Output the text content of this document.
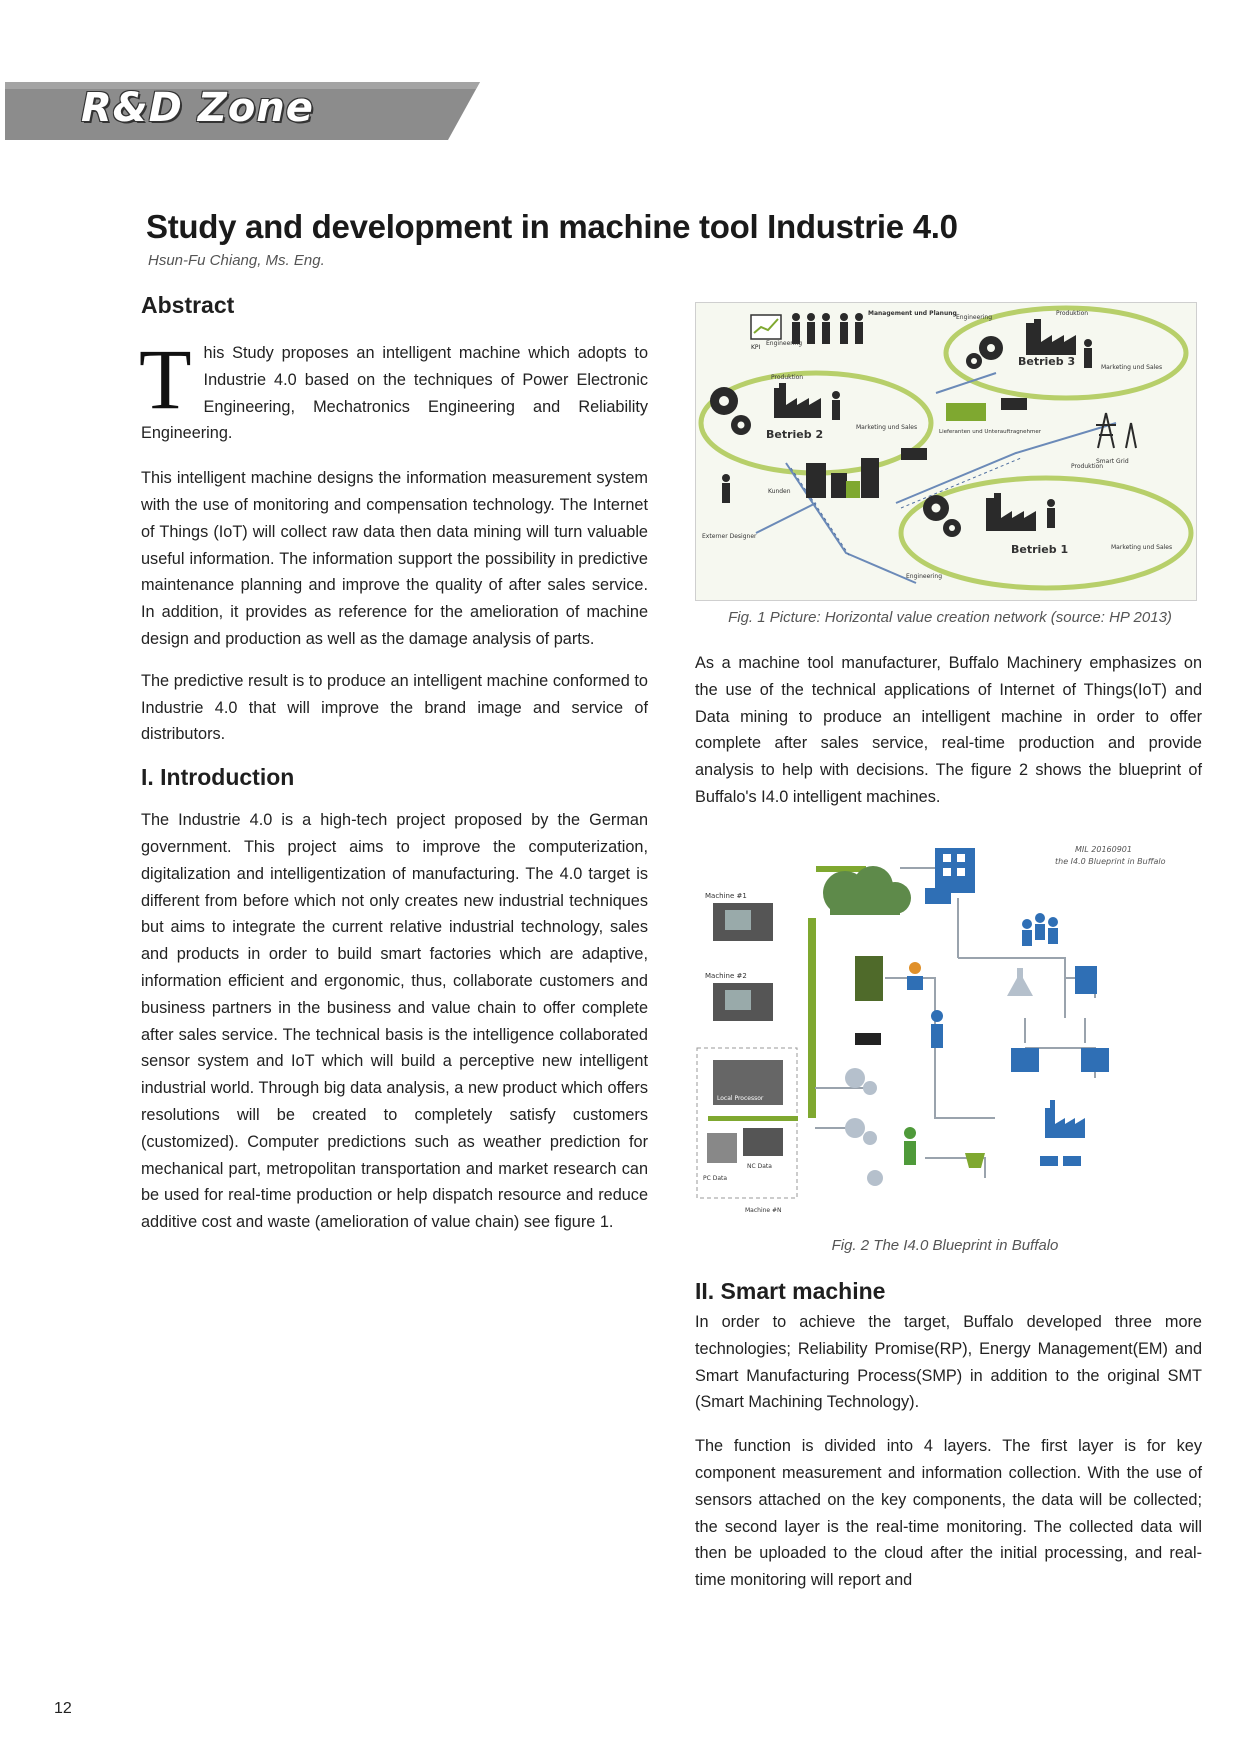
R&D Zone
Study and development in machine tool Industrie 4.0
Hsun-Fu Chiang, Ms. Eng.
Abstract

This Study proposes an intelligent machine which adopts to Industrie 4.0 based on the techniques of Power Electronic Engineering, Mechatronics Engineering and Reliability Engineering.

This intelligent machine designs the information measurement system with the use of monitoring and compensation technology. The Internet of Things (IoT) will collect raw data then data mining will turn valuable useful information. The information support the possibility in predictive maintenance planning and improve the quality of after sales service. In addition, it provides as reference for the amelioration of machine design and production as well as the damage analysis of parts.

The predictive result is to produce an intelligent machine conformed to Industrie 4.0 that will improve the brand image and service of distributors.

I. Introduction

The Industrie 4.0 is a high-tech project proposed by the German government. This project aims to improve the computerization, digitalization and intelligentization of manufacturing. The 4.0 target is different from before which not only creates new industrial techniques but aims to integrate the current relative industrial technology, sales and products in order to build smart factories which are adaptive, information efficient and ergonomic, thus, collaborate customers and business partners in the business and value chain to offer complete after sales service. The technical basis is the intelligence collaborated sensor system and IoT which will build a perceptive new intelligent industrial world. Through big data analysis, a new product which offers resolutions will be created to completely satisfy customers (customized). Computer predictions such as weather prediction for mechanical part, metropolitan transportation and market research can be used for real-time production or help dispatch resource and reduce additive cost and waste (amelioration of value chain) see figure 1.

KPI
Management und Planung
Engineering
Betrieb 2
Produktion
Engineering
Produktion
Betrieb 3	Marketing und Sales
Marketing und Sales
Lieferanten und Unterauftragnehmer
Smart Grid
Kunden
Externer Designer
Produktion
Engineering
Betrieb 1	Marketing und Sales
Fig. 1 Picture: Horizontal value creation network (source: HP 2013)

As a machine tool manufacturer, Buffalo Machinery emphasizes on the use of the technical applications of Internet of Things(IoT) and Data mining to produce an intelligent machine in order to offer complete after sales service, real-time production and provide analysis to help with decisions. The figure 2 shows the blueprint of Buffalo's I4.0 intelligent machines.

MIL 20160901
the I4.0 Blueprint in Buffalo
Machine #1
Machine #2
Local Processor
PC Data
NC Data
Machine #N
Fig. 2 The I4.0 Blueprint in Buffalo
II. Smart machine

In order to achieve the target, Buffalo developed three more technologies; Reliability Promise(RP), Energy Management(EM) and Smart Manufacturing Process(SMP) in addition to the original SMT (Smart Machining Technology).

The function is divided into 4 layers. The first layer is for key component measurement and information collection. With the use of sensors attached on the key components, the data will be collected; the second layer is the real-time monitoring. The collected data will then be uploaded to the cloud after the initial processing, and real-time monitoring will report and

12
